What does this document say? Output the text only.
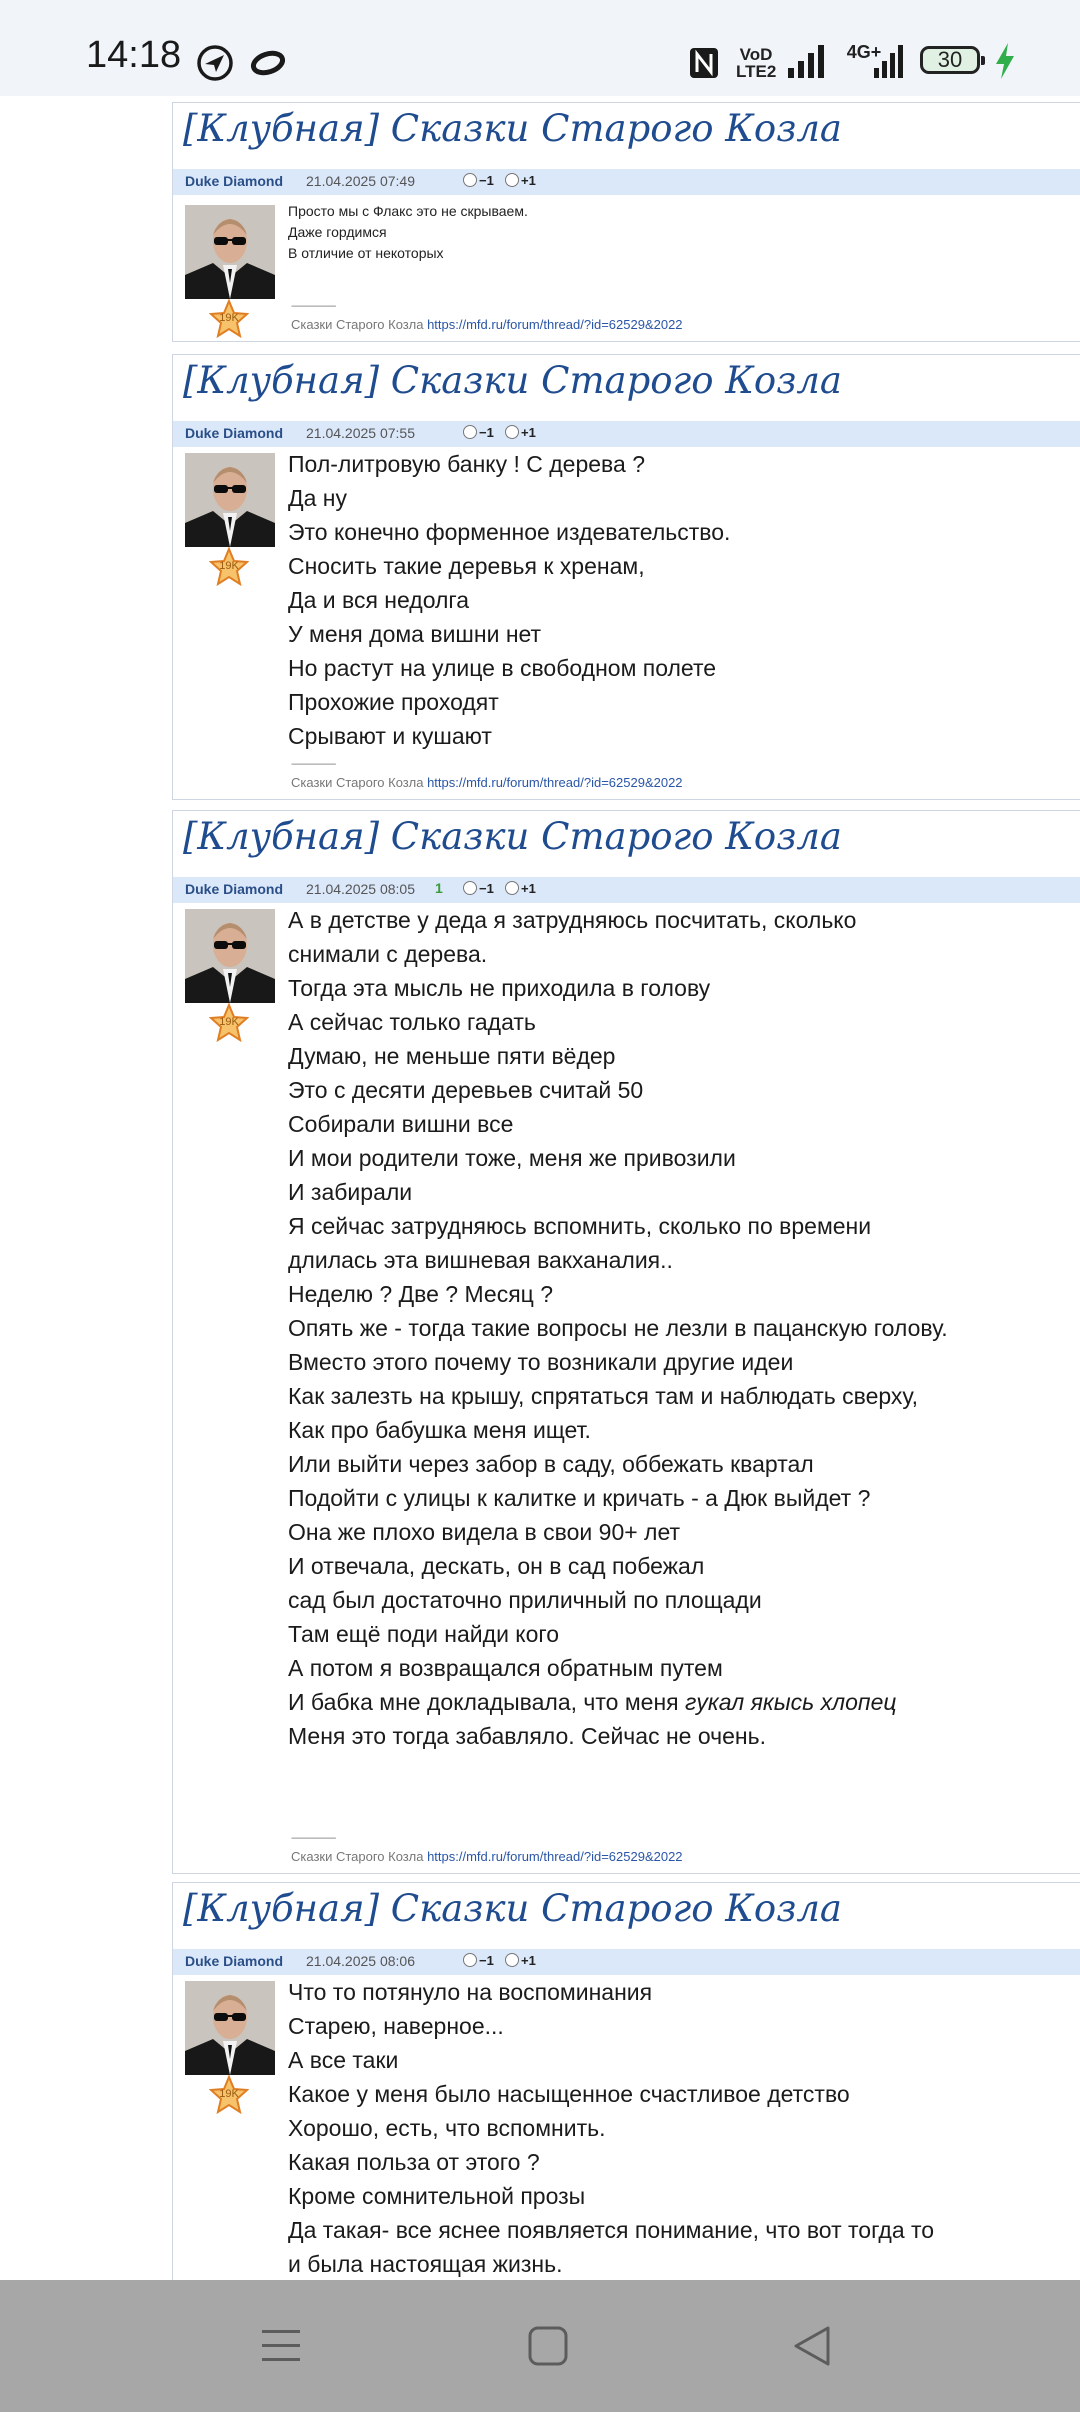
14:18	VoD
LTE2
4G+	30
[Клубная] Сказки Старого Козла
Duke Diamond 21.04.2025 07:49	−1	+1
19K

Просто мы с Флакс это не скрываем.

Даже гордимся

В отличие от некоторых

-------------------
Сказки Старого Козла https://mfd.ru/forum/thread/?id=62529&2022
[Клубная] Сказки Старого Козла
Duke Diamond 21.04.2025 07:55	−1	+1
19K

Пол-литровую банку ! С дерева ?

Да ну

Это конечно форменное издевательство.

Сносить такие деревья к хренам,

Да и вся недолга

У меня дома вишни нет

Но растут на улице в свободном полете

Прохожие проходят

Срывают и кушают

-------------------
Сказки Старого Козла https://mfd.ru/forum/thread/?id=62529&2022
[Клубная] Сказки Старого Козла
Duke Diamond 21.04.2025 08:05 1	−1	+1
19K

А в детстве у деда я затрудняюсь посчитать, сколько снимали с дерева.

Тогда эта мысль не приходила в голову

А сейчас только гадать

Думаю, не меньше пяти вёдер

Это с десяти деревьев считай 50

Собирали вишни все

И мои родители тоже, меня же привозили

И забирали

Я сейчас затрудняюсь вспомнить, сколько по времени длилась эта вишневая вакханалия..

Неделю ? Две ? Месяц ?

Опять же - тогда такие вопросы не лезли в пацанскую голову.

Вместо этого почему то возникали другие идеи

Как залезть на крышу, спрятаться там и наблюдать сверху,

Как про бабушка меня ищет.

Или выйти через забор в саду, оббежать квартал

Подойти с улицы к калитке и кричать - а Дюк выйдет ?

Она же плохо видела в свои 90+ лет

И отвечала, дескать, он в сад побежал

сад был достаточно приличный по площади

Там ещё поди найди кого

А потом я возвращался обратным путем

И бабка мне докладывала, что меня гукал якысь хлопец

Меня это тогда забавляло. Сейчас не очень.

-------------------
Сказки Старого Козла https://mfd.ru/forum/thread/?id=62529&2022
[Клубная] Сказки Старого Козла
Duke Diamond 21.04.2025 08:06	−1	+1
19K

Что то потянуло на воспоминания

Старею, наверное...

А все таки

Какое у меня было насыщенное счастливое детство

Хорошо, есть, что вспомнить.

Какая польза от этого ?

Кроме сомнительной прозы

Да такая- все яснее появляется понимание, что вот тогда то и была настоящая жизнь.
